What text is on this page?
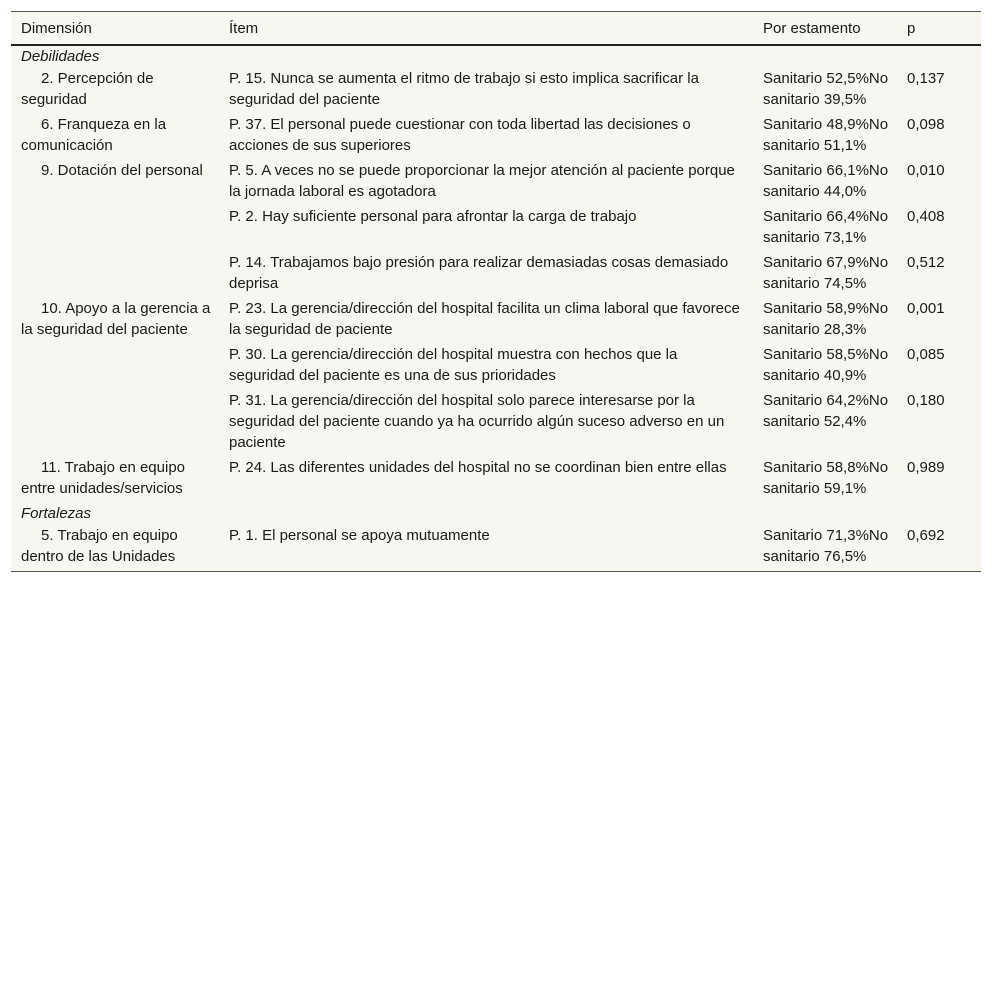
Dimensión	Ítem	Por estamento	p
Debilidades			
2. Percepción de seguridad	P. 15. Nunca se aumenta el ritmo de trabajo si esto implica sacrificar la seguridad del paciente	Sanitario 52,5%No sanitario 39,5%	0,137
6. Franqueza en la comunicación	P. 37. El personal puede cuestionar con toda libertad las decisiones o acciones de sus superiores	Sanitario 48,9%No sanitario 51,1%	0,098
9. Dotación del personal	P. 5. A veces no se puede proporcionar la mejor atención al paciente porque la jornada laboral es agotadora	Sanitario 66,1%No sanitario 44,0%	0,010
	P. 2. Hay suficiente personal para afrontar la carga de trabajo	Sanitario 66,4%No sanitario 73,1%	0,408
	P. 14. Trabajamos bajo presión para realizar demasiadas cosas demasiado deprisa	Sanitario 67,9%No sanitario 74,5%	0,512
10. Apoyo a la gerencia a la seguridad del paciente	P. 23. La gerencia/dirección del hospital facilita un clima laboral que favorece la seguridad de paciente	Sanitario 58,9%No sanitario 28,3%	0,001
	P. 30. La gerencia/dirección del hospital muestra con hechos que la seguridad del paciente es una de sus prioridades	Sanitario 58,5%No sanitario 40,9%	0,085
	P. 31. La gerencia/dirección del hospital solo parece interesarse por la seguridad del paciente cuando ya ha ocurrido algún suceso adverso en un paciente	Sanitario 64,2%No sanitario 52,4%	0,180
11. Trabajo en equipo entre unidades/servicios	P. 24. Las diferentes unidades del hospital no se coordinan bien entre ellas	Sanitario 58,8%No sanitario 59,1%	0,989
Fortalezas			
5. Trabajo en equipo dentro de las Unidades	P. 1. El personal se apoya mutuamente	Sanitario 71,3%No sanitario 76,5%	0,692
